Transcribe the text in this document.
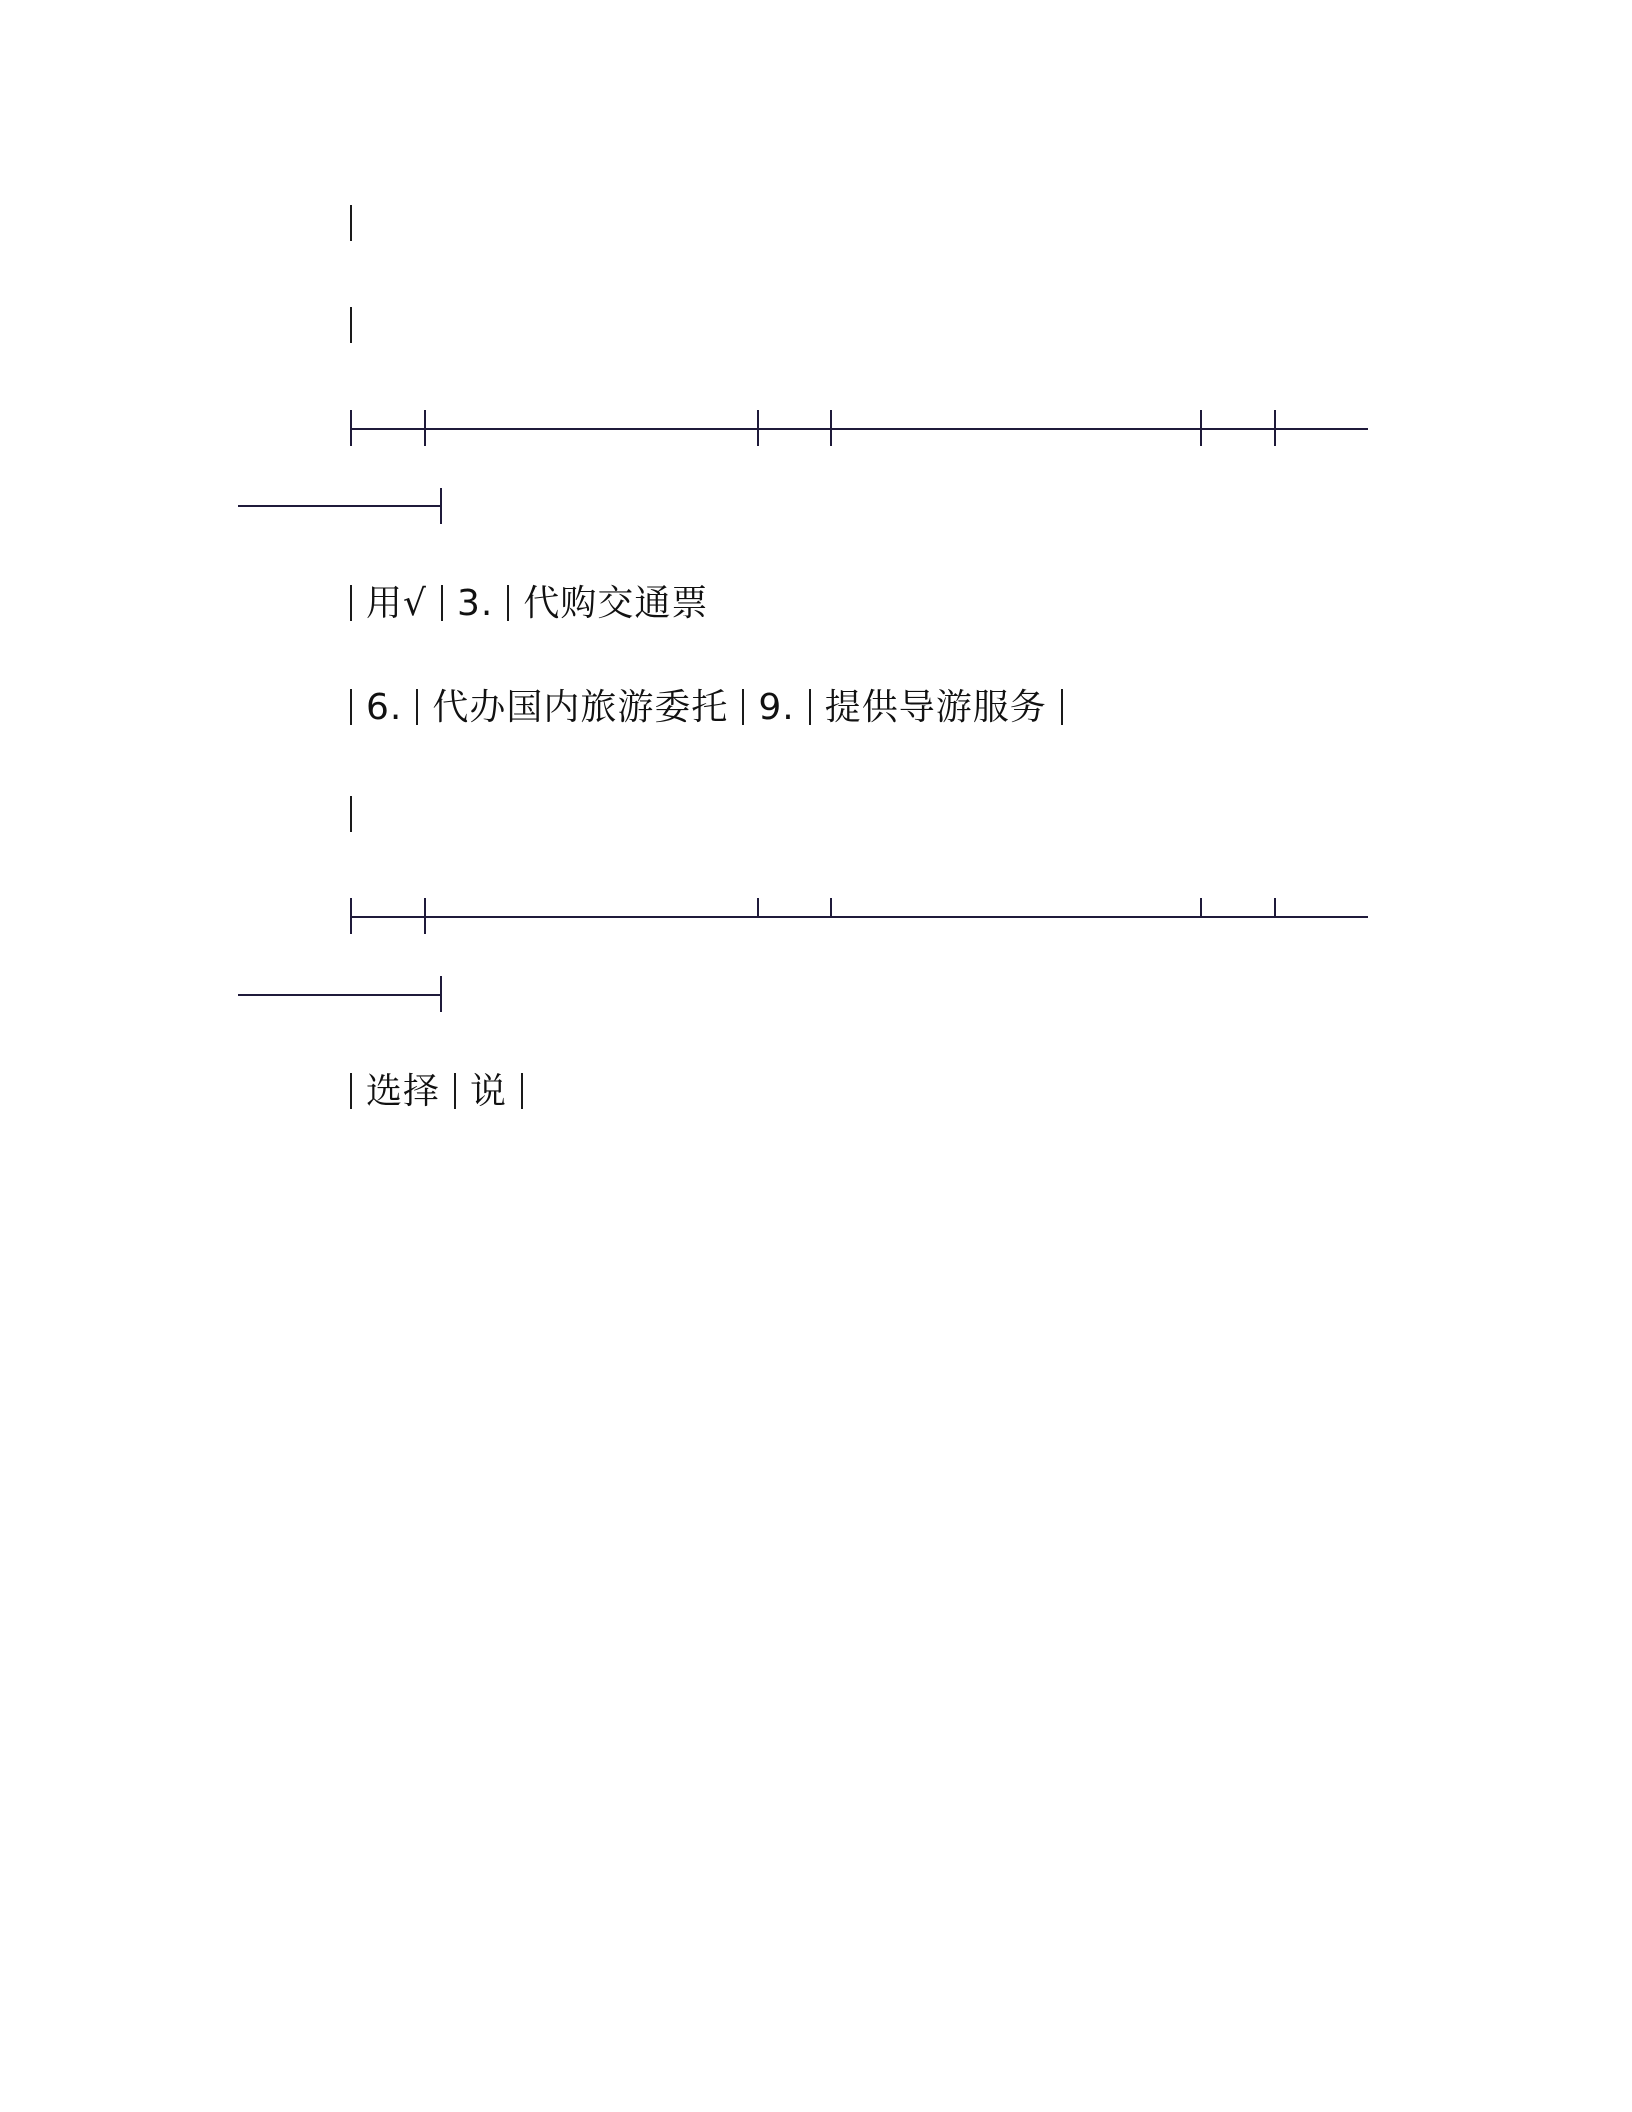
用√ 3. 代购交通票
6. 代办国内旅游委托 9. 提供导游服务
选择 说
